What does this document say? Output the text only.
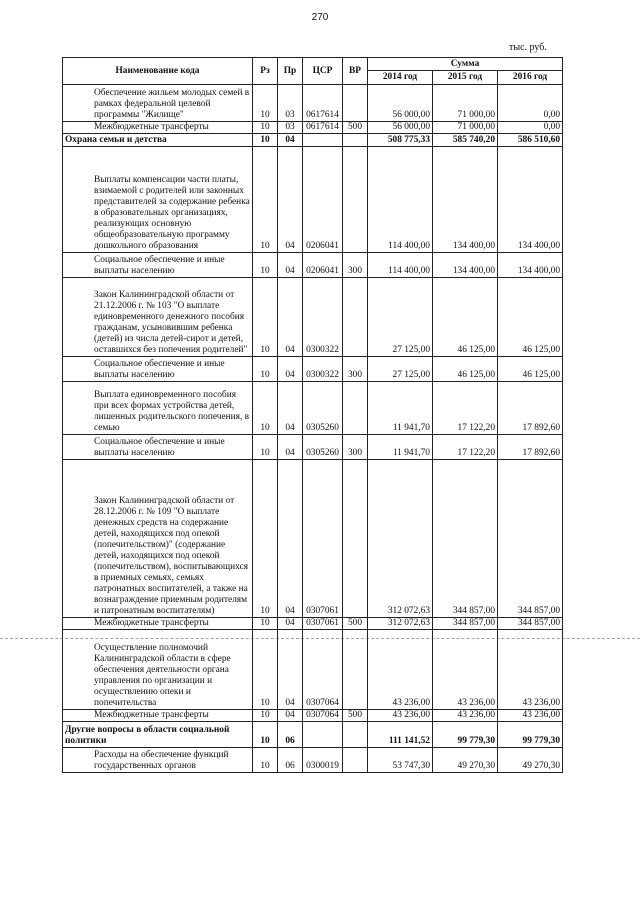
270
тыс. руб.
Наименование кода	Рз	Пр	ЦСР	ВР	Сумма		
					2014 год	2015 год	2016 год
Обеспечение жильем молодых семей в рамках федеральной целевой программы "Жилище"	10	03	0617614		56 000,00	71 000,00	0,00
Межбюджетные трансферты	10	03	0617614	500	56 000,00	71 000,00	0,00
Охрана семьи и детства	10	04			508 775,33	585 740,20	586 510,60
Выплаты компенсации части платы, взимаемой с родителей или законных представителей за содержание ребенка в образовательных организациях, реализующих основную общеобразовательную программу дошкольного образования	10	04	0206041		114 400,00	134 400,00	134 400,00
Социальное обеспечение и иные выплаты населению	10	04	0206041	300	114 400,00	134 400,00	134 400,00
Закон Калининградской области от 21.12.2006 г. № 103 "О выплате единовременного денежного пособия гражданам, усыновившим ребенка (детей) из числа детей-сирот и детей, оставшихся без попечения родителей"	10	04	0300322		27 125,00	46 125,00	46 125,00
Социальное обеспечение и иные выплаты населению	10	04	0300322	300	27 125,00	46 125,00	46 125,00
Выплата единовременного пособия при всех формах устройства детей, лишенных родительского попечения, в семью	10	04	0305260		11 941,70	17 122,20	17 892,60
Социальное обеспечение и иные выплаты населению	10	04	0305260	300	11 941,70	17 122,20	17 892,60
Закон Калининградской области от 28.12.2006 г. № 109 "О выплате денежных средств на содержание детей, находящихся под опекой (попечительством)" (содержание детей, находящихся под опекой (попечительством), воспитывающихся в приемных семьях, семьях патронатных воспитателей, а также на вознаграждение приемным родителям и патронатным воспитателям)	10	04	0307061		312 072,63	344 857,00	344 857,00
Межбюджетные трансферты	10	04	0307061	500	312 072,63	344 857,00	344 857,00
Осуществление полномочий Калининградской области в сфере обеспечения деятельности органа управления по организации и осуществлению опеки и попечительства	10	04	0307064		43 236,00	43 236,00	43 236,00
Межбюджетные трансферты	10	04	0307064	500	43 236,00	43 236,00	43 236,00
Другие вопросы в области социальной политики	10	06			111 141,52	99 779,30	99 779,30
Расходы на обеспечение функций государственных органов	10	06	0300019		53 747,30	49 270,30	49 270,30
